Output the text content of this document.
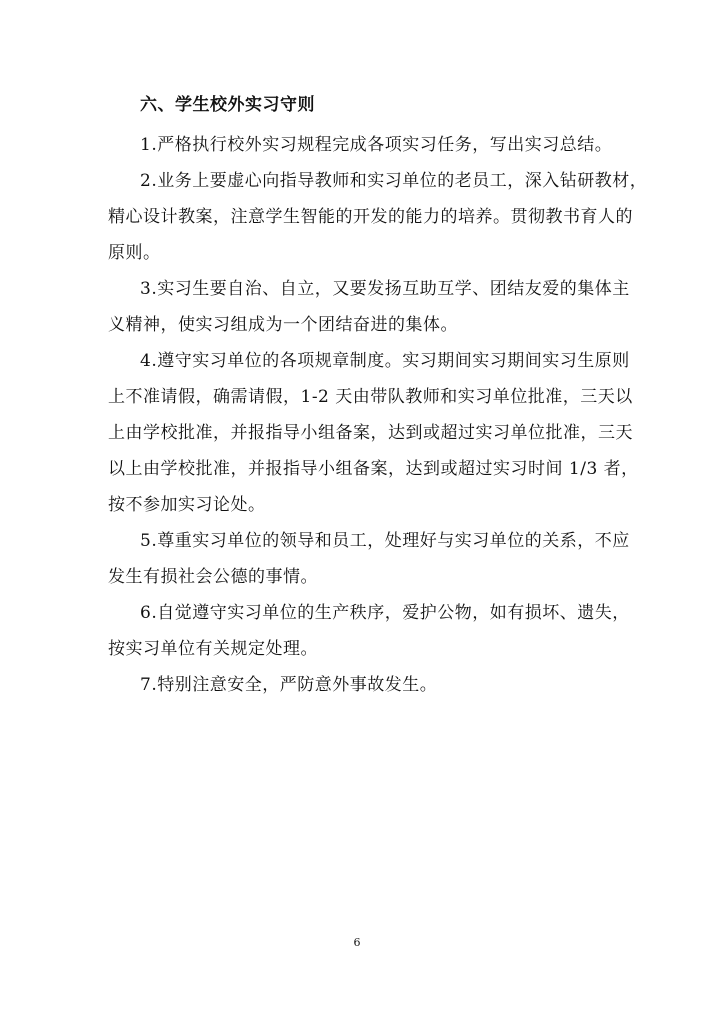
六、学生校外实习守则
1.严格执行校外实习规程完成各项实习任务，写出实习总结。
2.业务上要虚心向指导教师和实习单位的老员工，深入钻研教材，
精心设计教案，注意学生智能的开发的能力的培养。贯彻教书育人的
原则。
3.实习生要自治、自立，又要发扬互助互学、团结友爱的集体主
义精神，使实习组成为一个团结奋进的集体。
4.遵守实习单位的各项规章制度。实习期间实习期间实习生原则
上不准请假，确需请假，1-2 天由带队教师和实习单位批准，三天以
上由学校批准，并报指导小组备案，达到或超过实习单位批准，三天
以上由学校批准，并报指导小组备案，达到或超过实习时间 1/3 者，
按不参加实习论处。
5.尊重实习单位的领导和员工，处理好与实习单位的关系，不应
发生有损社会公德的事情。
6.自觉遵守实习单位的生产秩序，爱护公物，如有损坏、遗失，
按实习单位有关规定处理。
7.特别注意安全，严防意外事故发生。
6
